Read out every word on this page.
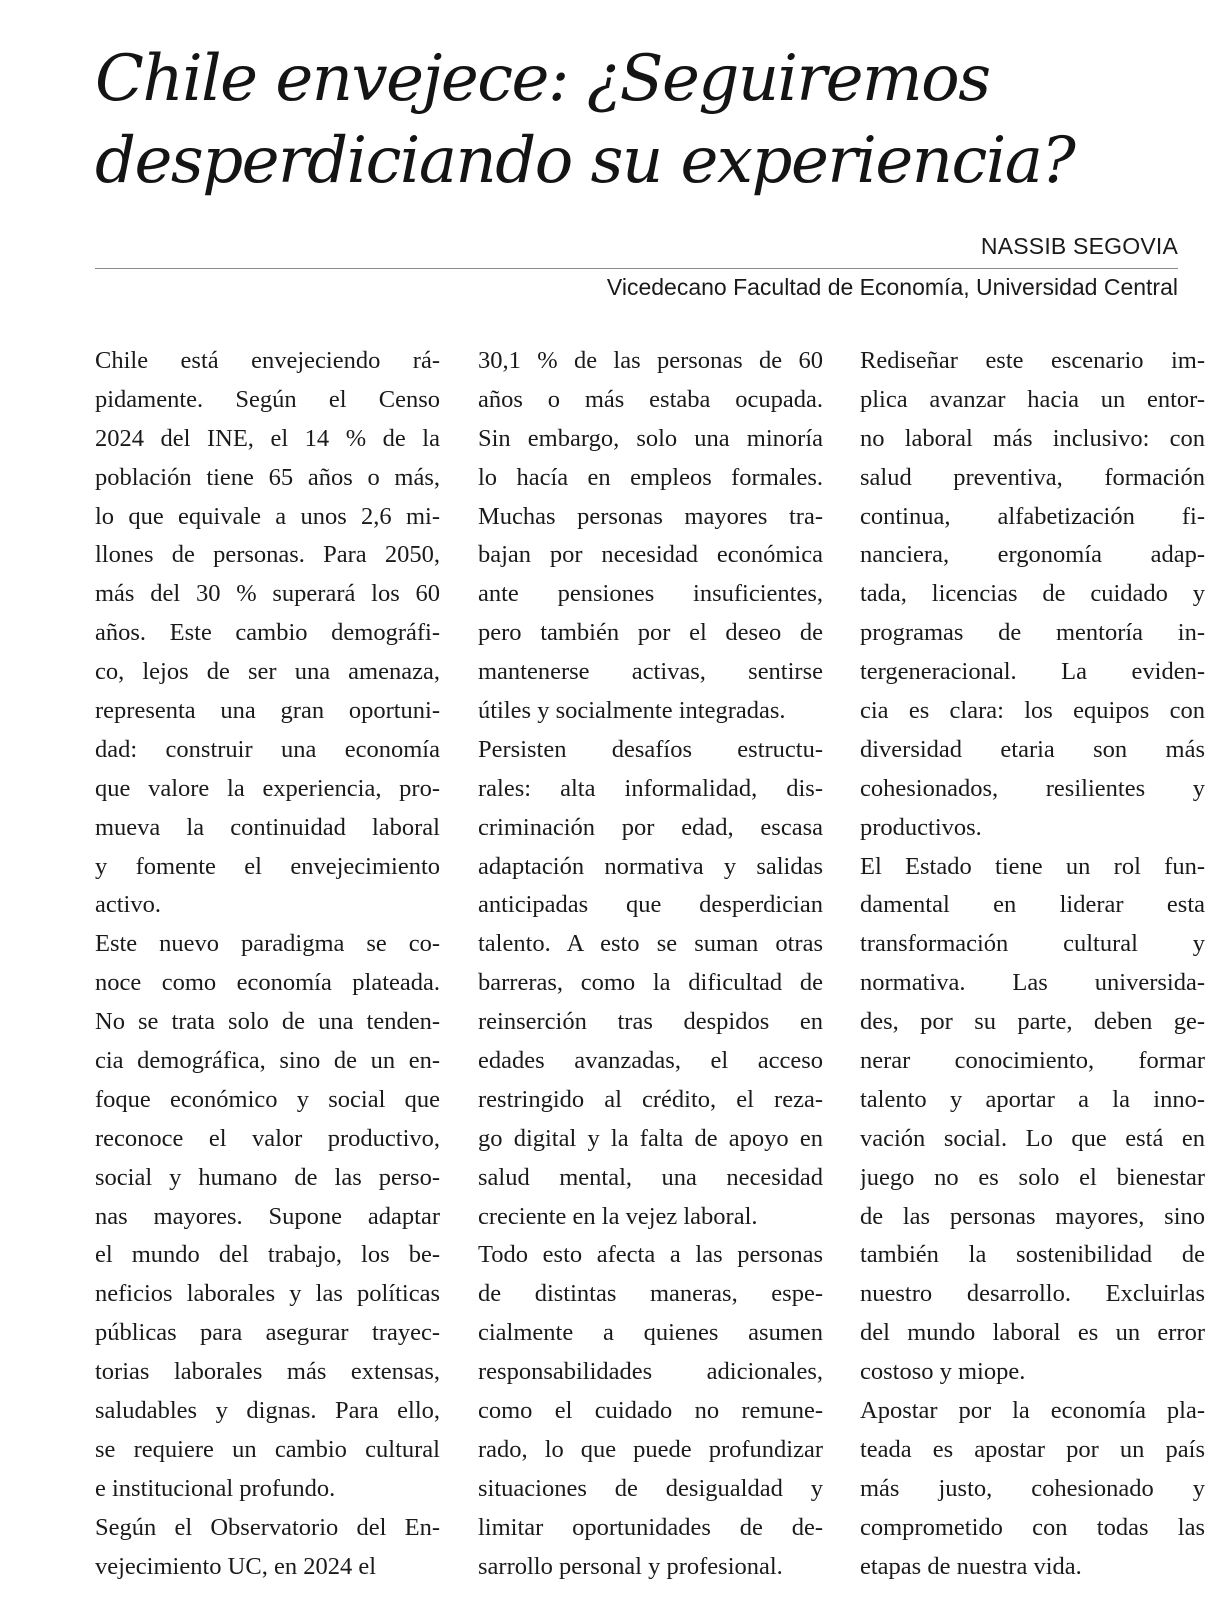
Chile envejece: ¿Seguiremos
desperdiciando su experiencia?
NASSIB SEGOVIA
Vicedecano Facultad de Economía, Universidad Central
Chile está envejeciendo rá-
pidamente. Según el Censo
2024 del INE, el 14 % de la
población tiene 65 años o más,
lo que equivale a unos 2,6 mi-
llones de personas. Para 2050,
más del 30 % superará los 60
años. Este cambio demográfi-
co, lejos de ser una amenaza,
representa una gran oportuni-
dad: construir una economía
que valore la experiencia, pro-
mueva la continuidad laboral
y fomente el envejecimiento
activo.
Este nuevo paradigma se co-
noce como economía plateada.
No se trata solo de una tenden-
cia demográfica, sino de un en-
foque económico y social que
reconoce el valor productivo,
social y humano de las perso-
nas mayores. Supone adaptar
el mundo del trabajo, los be-
neficios laborales y las políticas
públicas para asegurar trayec-
torias laborales más extensas,
saludables y dignas. Para ello,
se requiere un cambio cultural
e institucional profundo.
Según el Observatorio del En-
vejecimiento UC, en 2024 el
30,1 % de las personas de 60
años o más estaba ocupada.
Sin embargo, solo una minoría
lo hacía en empleos formales.
Muchas personas mayores tra-
bajan por necesidad económica
ante pensiones insuficientes,
pero también por el deseo de
mantenerse activas, sentirse
útiles y socialmente integradas.
Persisten desafíos estructu-
rales: alta informalidad, dis-
criminación por edad, escasa
adaptación normativa y salidas
anticipadas que desperdician
talento. A esto se suman otras
barreras, como la dificultad de
reinserción tras despidos en
edades avanzadas, el acceso
restringido al crédito, el reza-
go digital y la falta de apoyo en
salud mental, una necesidad
creciente en la vejez laboral.
Todo esto afecta a las personas
de distintas maneras, espe-
cialmente a quienes asumen
responsabilidades adicionales,
como el cuidado no remune-
rado, lo que puede profundizar
situaciones de desigualdad y
limitar oportunidades de de-
sarrollo personal y profesional.
Rediseñar este escenario im-
plica avanzar hacia un entor-
no laboral más inclusivo: con
salud preventiva, formación
continua, alfabetización fi-
nanciera, ergonomía adap-
tada, licencias de cuidado y
programas de mentoría in-
tergeneracional. La eviden-
cia es clara: los equipos con
diversidad etaria son más
cohesionados, resilientes y
productivos.
El Estado tiene un rol fun-
damental en liderar esta
transformación cultural y
normativa. Las universida-
des, por su parte, deben ge-
nerar conocimiento, formar
talento y aportar a la inno-
vación social. Lo que está en
juego no es solo el bienestar
de las personas mayores, sino
también la sostenibilidad de
nuestro desarrollo. Excluirlas
del mundo laboral es un error
costoso y miope.
Apostar por la economía pla-
teada es apostar por un país
más justo, cohesionado y
comprometido con todas las
etapas de nuestra vida.
